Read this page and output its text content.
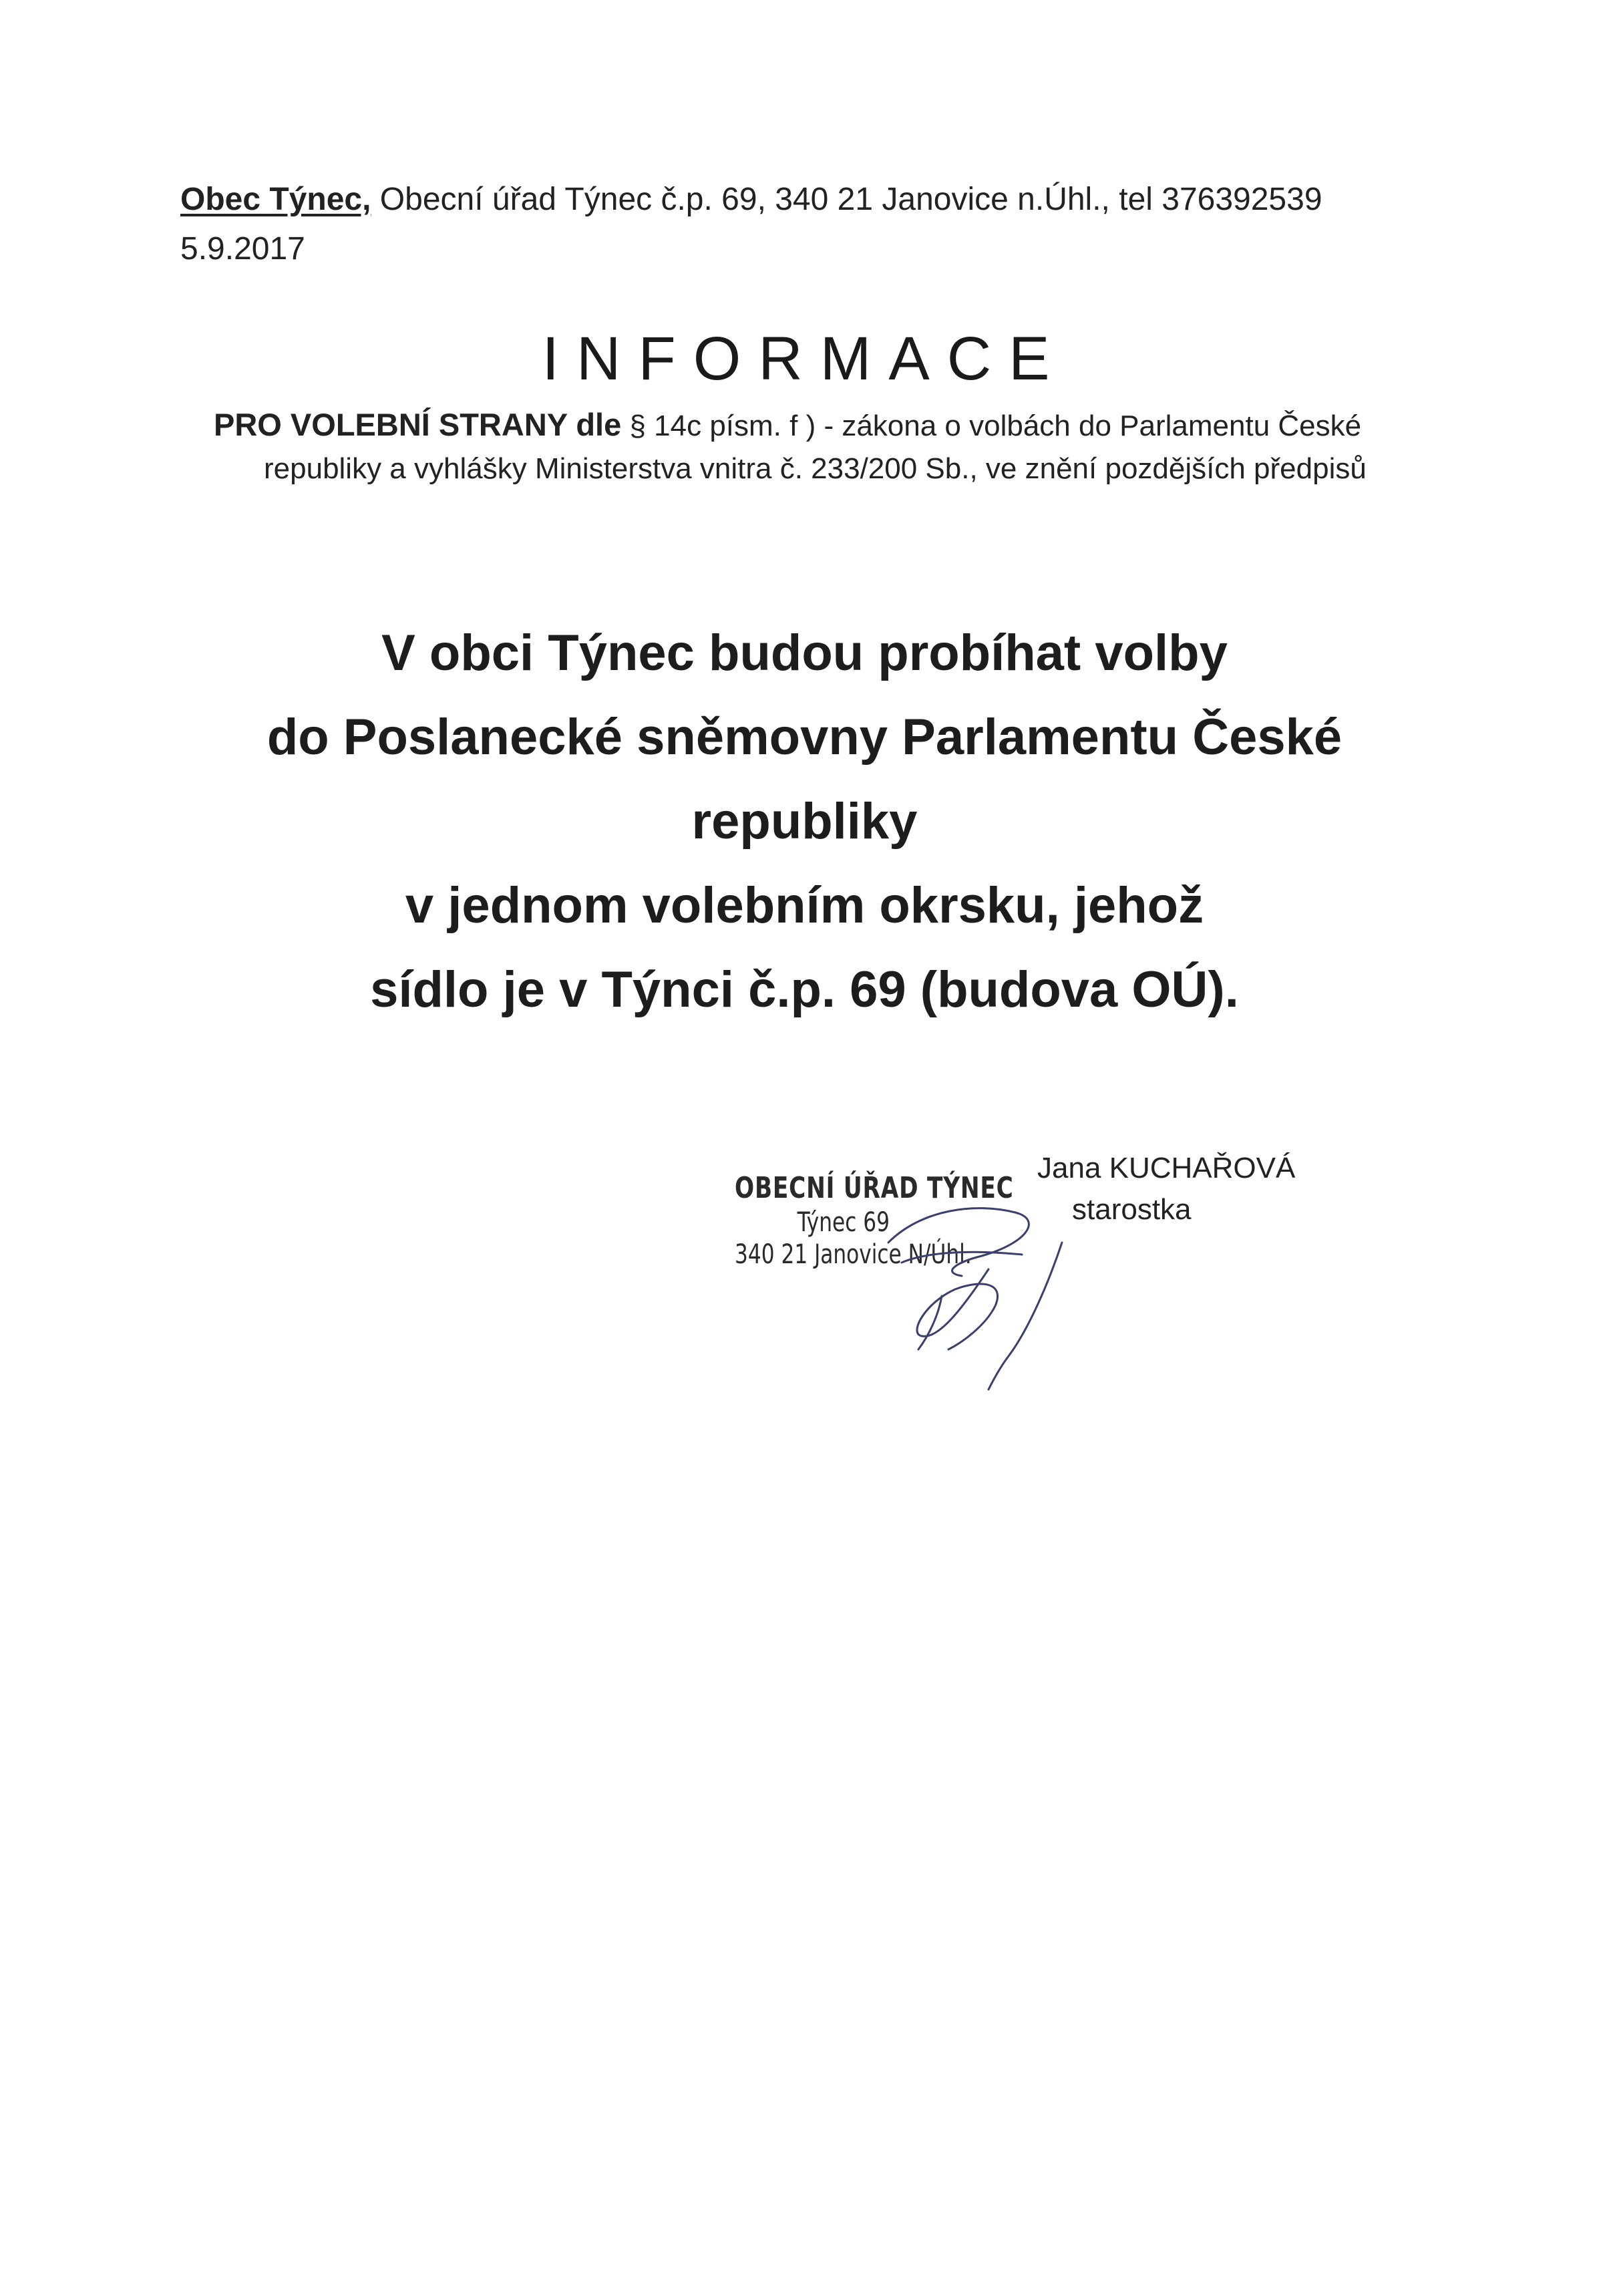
Obec Týnec, Obecní úřad Týnec č.p. 69, 340 21 Janovice n.Úhl., tel 376392539
5.9.2017
INFORMACE
PRO VOLEBNÍ STRANY dle § 14c písm. f ) - zákona o volbách do Parlamentu České
republiky a vyhlášky Ministerstva vnitra č. 233/200 Sb., ve znění pozdějších předpisů
V obci Týnec budou probíhat volby
do Poslanecké sněmovny Parlamentu České
republiky
v jednom volebním okrsku, jehož
sídlo je v Týnci č.p. 69 (budova OÚ).
OBECNÍ ÚŘAD TÝNEC
Týnec 69
340 21 Janovice N/Úhl.
Jana KUCHAŘOVÁ
starostka
